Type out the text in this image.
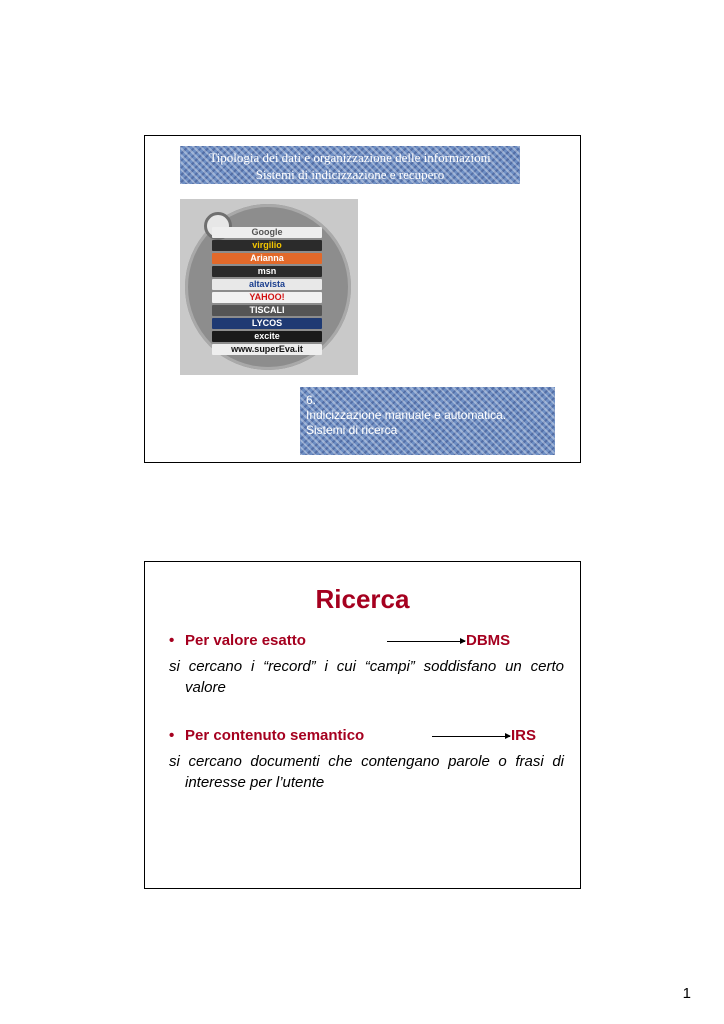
Tipologia dei dati e organizzazione delle informazioni
Sistemi di indicizzazione e recupero
Google
virgilio
Arianna
msn
altavista
YAHOO!
TISCALI
LYCOS
excite
www.superEva.it
6.
Indicizzazione manuale e automatica.
Sistemi di ricerca
Ricerca
• Per valore esatto	DBMS
si cercano i “record” i cui “campi” soddisfano un certo valore
• Per contenuto semantico	IRS
si cercano documenti che contengano parole o frasi di interesse per l’utente
1
